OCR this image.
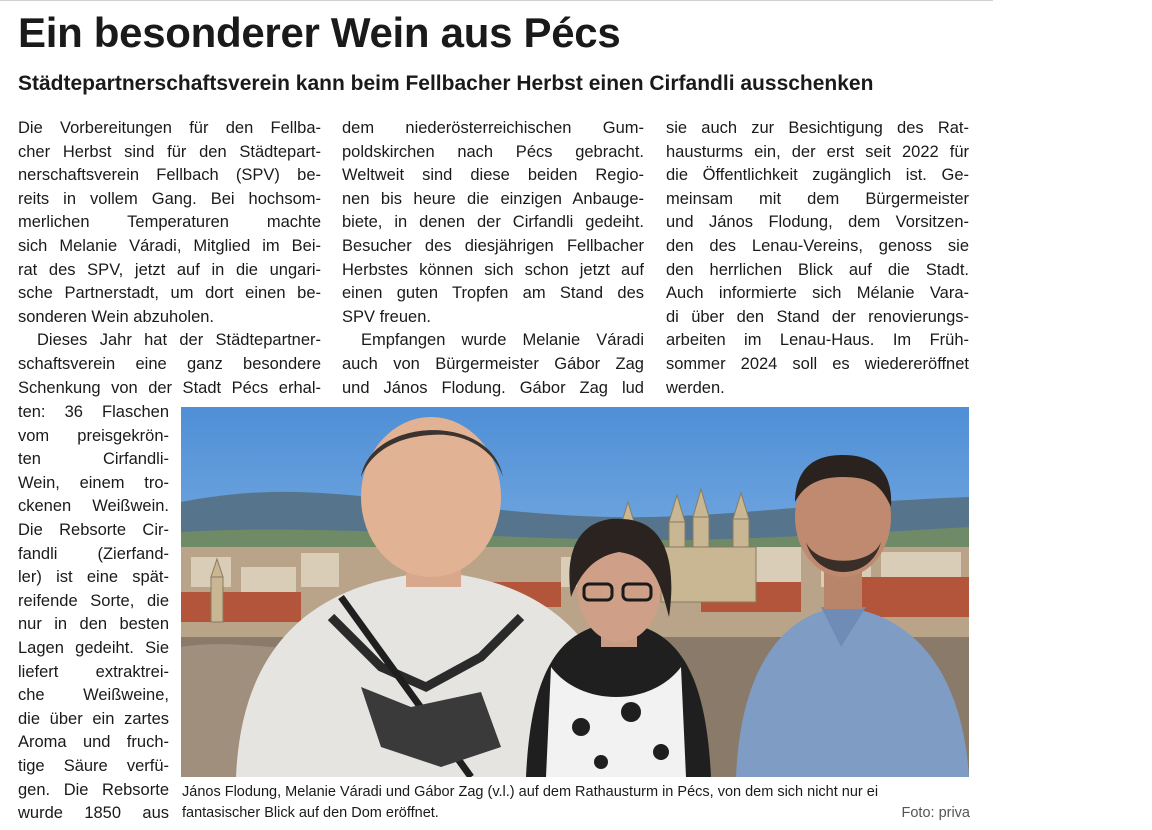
Ein besonderer Wein aus Pécs
Städtepartnerschaftsverein kann beim Fellbacher Herbst einen Cirfandli ausschenken
Die Vorbereitungen für den Fellba-
cher Herbst sind für den Städtepart-
nerschaftsverein Fellbach (SPV) be-
reits in vollem Gang. Bei hochsom-
merlichen Temperaturen machte
sich Melanie Váradi, Mitglied im Bei-
rat des SPV, jetzt auf in die ungari-
sche Partnerstadt, um dort einen be-
sonderen Wein abzuholen.
Dieses Jahr hat der Städtepartner-
schaftsverein eine ganz besondere
Schenkung von der Stadt Pécs erhal-
ten: 36 Flaschen
vom preisgekrön-
ten Cirfandli-
Wein, einem tro-
ckenen Weißwein.
Die Rebsorte Cir-
fandli (Zierfand-
ler) ist eine spät-
reifende Sorte, die
nur in den besten
Lagen gedeiht. Sie
liefert extraktrei-
che Weißweine,
die über ein zartes
Aroma und fruch-
tige Säure verfü-
gen. Die Rebsorte
wurde 1850 aus
dem niederösterreichischen Gum-
poldskirchen nach Pécs gebracht.
Weltweit sind diese beiden Regio-
nen bis heure die einzigen Anbauge-
biete, in denen der Cirfandli gedeiht.
Besucher des diesjährigen Fellbacher
Herbstes können sich schon jetzt auf
einen guten Tropfen am Stand des
SPV freuen.
Empfangen wurde Melanie Váradi
auch von Bürgermeister Gábor Zag
und János Flodung. Gábor Zag lud
sie auch zur Besichtigung des Rat-
hausturms ein, der erst seit 2022 für
die Öffentlichkeit zugänglich ist. Ge-
meinsam mit dem Bürgermeister
und János Flodung, dem Vorsitzen-
den des Lenau-Vereins, genoss sie
den herrlichen Blick auf die Stadt.
Auch informierte sich Mélanie Vara-
di über den Stand der renovierungs-
arbeiten im Lenau-Haus. Im Früh-
sommer 2024 soll es wiedereröffnet
werden.
János Flodung, Melanie Váradi und Gábor Zag (v.l.) auf dem Rathausturm in Pécs, von dem sich nicht nur ei
fantasischer Blick auf den Dom eröffnet.	Foto: priva
